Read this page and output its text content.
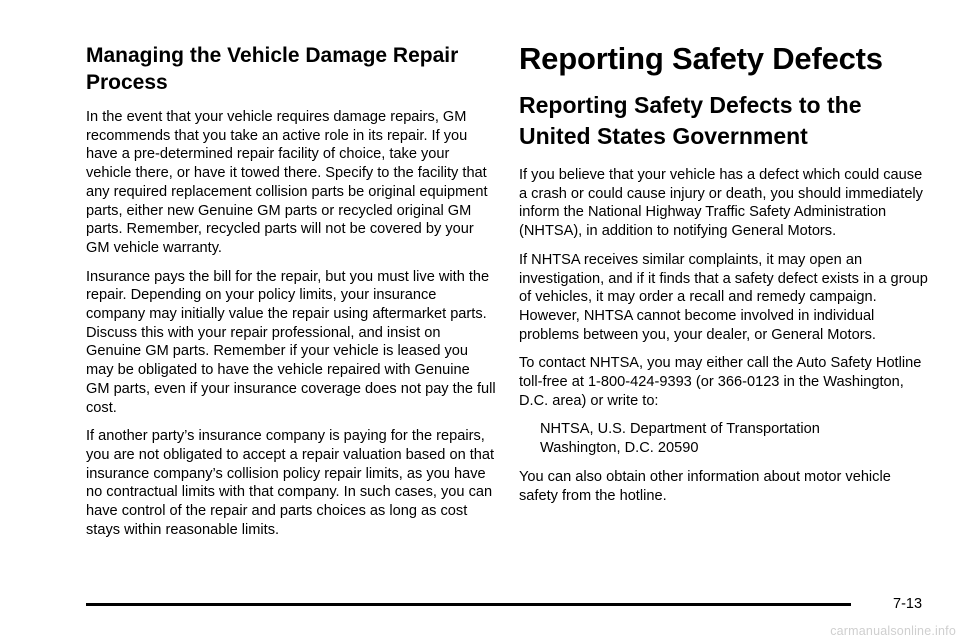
Managing the Vehicle Damage Repair Process

In the event that your vehicle requires damage repairs, GM recommends that you take an active role in its repair. If you have a pre-determined repair facility of choice, take your vehicle there, or have it towed there. Specify to the facility that any required replacement collision parts be original equipment parts, either new Genuine GM parts or recycled original GM parts. Remember, recycled parts will not be covered by your GM vehicle warranty.

Insurance pays the bill for the repair, but you must live with the repair. Depending on your policy limits, your insurance company may initially value the repair using aftermarket parts. Discuss this with your repair professional, and insist on Genuine GM parts. Remember if your vehicle is leased you may be obligated to have the vehicle repaired with Genuine GM parts, even if your insurance coverage does not pay the full cost.

If another party’s insurance company is paying for the repairs, you are not obligated to accept a repair valuation based on that insurance company’s collision policy repair limits, as you have no contractual limits with that company. In such cases, you can have control of the repair and parts choices as long as cost stays within reasonable limits.

Reporting Safety Defects
Reporting Safety Defects to the United States Government

If you believe that your vehicle has a defect which could cause a crash or could cause injury or death, you should immediately inform the National Highway Traffic Safety Administration (NHTSA), in addition to notifying General Motors.

If NHTSA receives similar complaints, it may open an investigation, and if it finds that a safety defect exists in a group of vehicles, it may order a recall and remedy campaign. However, NHTSA cannot become involved in individual problems between you, your dealer, or General Motors.

To contact NHTSA, you may either call the Auto Safety Hotline toll-free at 1-800-424-9393 (or 366-0123 in the Washington, D.C. area) or write to:

NHTSA, U.S. Department of Transportation
Washington, D.C. 20590

You can also obtain other information about motor vehicle safety from the hotline.

7-13
carmanualsonline.info
